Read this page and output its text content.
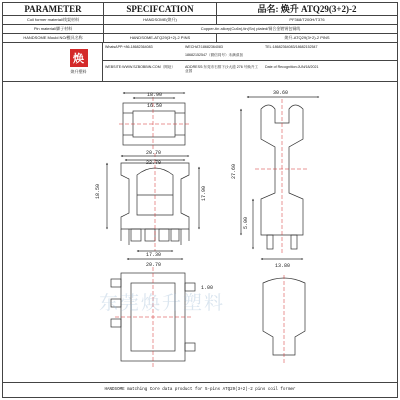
PARAMETER	SPECIFCATION	品名: 焕升 ATQ29(3+2)-2
Coil former material/线架材料	HANDSOME(焕升)	PF368/T200H/T376
Pin material/脚子材料	Copper-tin allory(Cu6n),tin(Sn) plated/铜合金镀锡包铜线
HANDSOME Mould NO/模具名称	HANDSOME-ATQ29(3+2)-2 PINS	焕升-ATQ29(3+2)-2 PINS
焕
焕升塑料
WhatsAPP:+86-18682364083	WECHAT:18682364083	TEL:18682364083/18682152547
18682152547（微信同号）未满请加
WEBSITE:WWW.SZBOBBIN.COM（网址）	ADDRESS:东莞市石排下沙大道 276 号焕升工业园
Date of Recognition:JUN/18/2021
18.90
16.50
20.70
22.70
18.50	17.90
17.30
20.70
30.60
13.80
27.60
5.00
1.00
东莞焕升塑料
HANDSOME matching Core data product for 5-pins ATQ29(3+2)-2 pins coil former
